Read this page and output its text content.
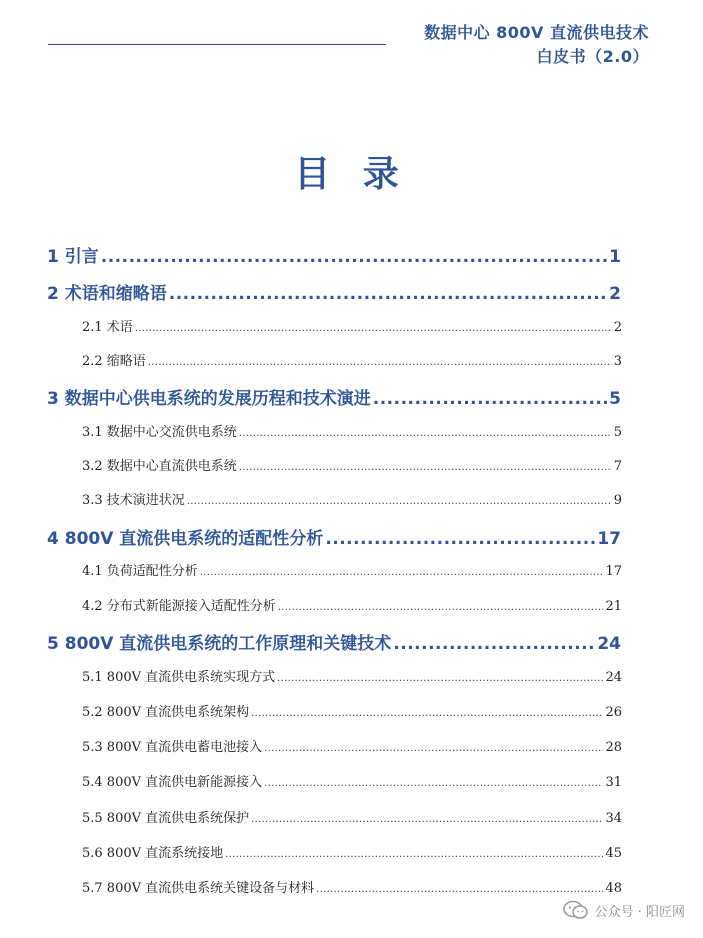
数据中心 800V 直流供电技术
白皮书（2.0）
目 录
1 引言 .....	1
2 术语和缩略语 .....	2
2.1 术语 .....	2
2.2 缩略语 .....	3
3 数据中心供电系统的发展历程和技术演进 .....	5
3.1 数据中心交流供电系统 .....	5
3.2 数据中心直流供电系统 .....	7
3.3 技术演进状况 .....	9
4 800V 直流供电系统的适配性分析 .....	17
4.1 负荷适配性分析 .....	17
4.2 分布式新能源接入适配性分析 .....	21
5 800V 直流供电系统的工作原理和关键技术 .....	24
5.1 800V 直流供电系统实现方式 .....	24
5.2 800V 直流供电系统架构 .....	26
5.3 800V 直流供电蓄电池接入 .....	28
5.4 800V 直流供电新能源接入 .....	31
5.5 800V 直流供电系统保护 .....	34
5.6 800V 直流系统接地 .....	45
5.7 800V 直流供电系统关键设备与材料 .....	48
公众号 · 阳匠网
